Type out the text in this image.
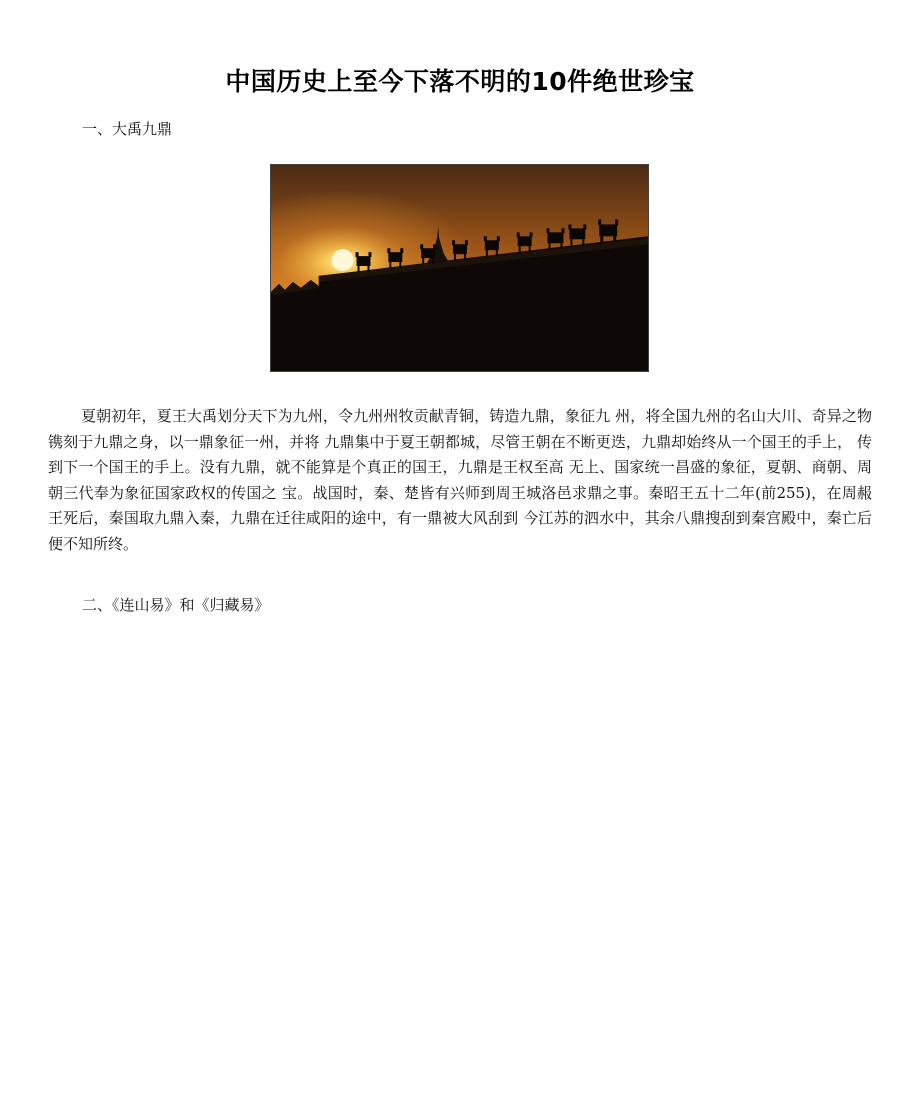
中国历史上至今下落不明的10件绝世珍宝

一、大禹九鼎

夏朝初年，夏王大禹划分天下为九州，令九州州牧贡献青铜，铸造九鼎，象征九 州，将全国九州的名山大川、奇异之物镌刻于九鼎之身，以一鼎象征一州，并将 九鼎集中于夏王朝都城，尽管王朝在不断更迭，九鼎却始终从一个国王的手上， 传到下一个国王的手上。没有九鼎，就不能算是个真正的国王，九鼎是王权至高 无上、国家统一昌盛的象征，夏朝、商朝、周朝三代奉为象征国家政权的传国之 宝。战国时，秦、楚皆有兴师到周王城洛邑求鼎之事。秦昭王五十二年(前255)，在周赧王死后，秦国取九鼎入秦，九鼎在迁往咸阳的途中，有一鼎被大风刮到 今江苏的泗水中，其余八鼎搜刮到秦宫殿中，秦亡后便不知所终。

二、《连山易》和《归藏易》
